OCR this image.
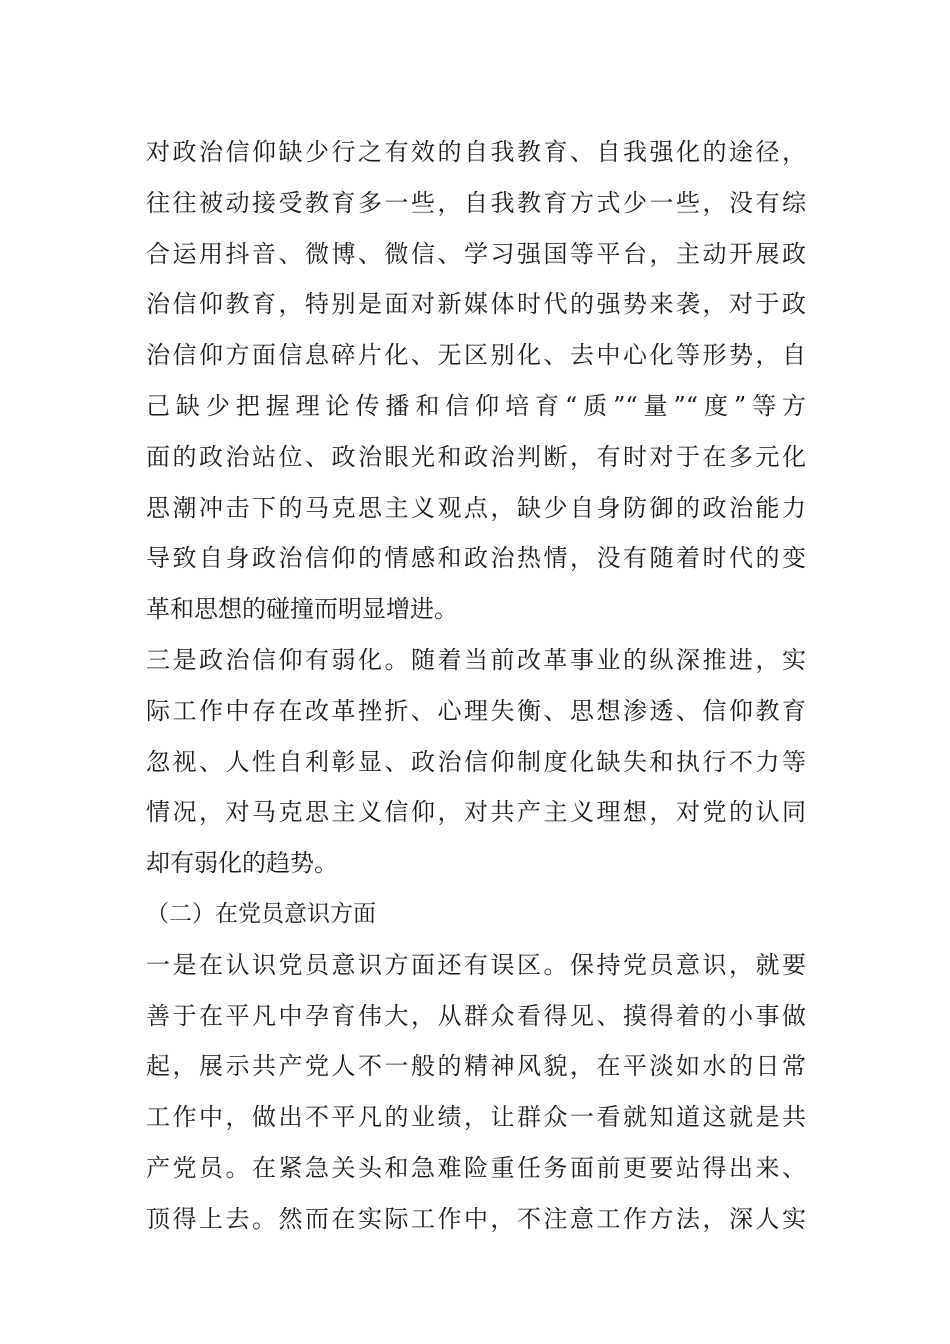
对政治信仰缺少行之有效的自我教育、自我强化的途径，
往往被动接受教育多一些，自我教育方式少一些，没有综
合运用抖音、微博、微信、学习强国等平台，主动开展政
治信仰教育，特别是面对新媒体时代的强势来袭，对于政
治信仰方面信息碎片化、无区别化、去中心化等形势，自
己缺少把握理论传播和信仰培育“质”“量”“度”等方
面的政治站位、政治眼光和政治判断，有时对于在多元化
思潮冲击下的马克思主义观点，缺少自身防御的政治能力
导致自身政治信仰的情感和政治热情，没有随着时代的变
革和思想的碰撞而明显增进。
三是政治信仰有弱化。随着当前改革事业的纵深推进，实
际工作中存在改革挫折、心理失衡、思想渗透、信仰教育
忽视、人性自利彰显、政治信仰制度化缺失和执行不力等
情况，对马克思主义信仰，对共产主义理想，对党的认同
却有弱化的趋势。
（二）在党员意识方面
一是在认识党员意识方面还有误区。保持党员意识，就要
善于在平凡中孕育伟大，从群众看得见、摸得着的小事做
起，展示共产党人不一般的精神风貌，在平淡如水的日常
工作中，做出不平凡的业绩，让群众一看就知道这就是共
产党员。在紧急关头和急难险重任务面前更要站得出来、
顶得上去。然而在实际工作中，不注意工作方法，深人实
